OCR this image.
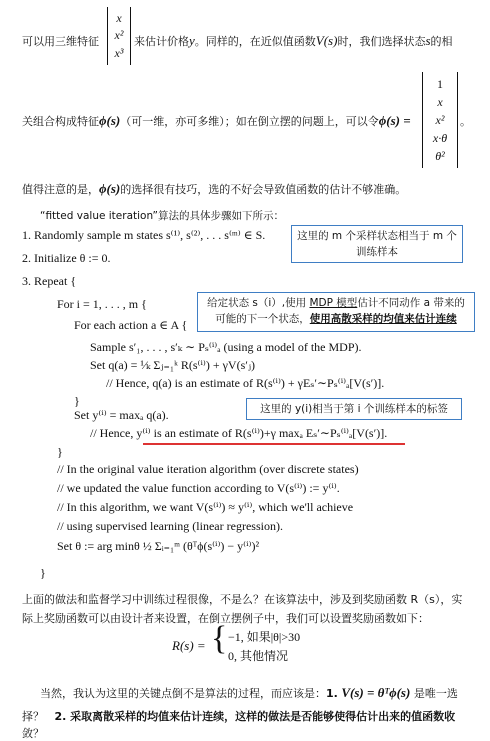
可以用三维特征
x
x²
x³
来估计价格y。同样的，在近似值函数V(s)时，我们选择状态s的相
关组合构成特征ϕ(s)（可一维，亦可多维）；如在倒立摆的问题上，可以令ϕ(s) =
1
x
x²
x·θ
θ²
。
值得注意的是，ϕ(s)的选择很有技巧，选的不好会导致值函数的估计不够准确。
“fitted value iteration”算法的具体步骤如下所示：
1. Randomly sample m states s⁽¹⁾, s⁽²⁾, . . . s⁽ᵐ⁾ ∈ S.
2. Initialize θ := 0.
3. Repeat {
For i = 1, . . . , m {
For each action a ∈ A {
Sample s′₁, . . . , s′ₖ ∼ Pₛ⁽ⁱ⁾ₐ (using a model of the MDP).
Set q(a) = ¹⁄ₖ Σⱼ₌₁ᵏ R(s⁽ⁱ⁾) + γV(s′ⱼ)
// Hence, q(a) is an estimate of R(s⁽ⁱ⁾) + γEₛ′∼Pₛ⁽ⁱ⁾ₐ[V(s′)].
}
Set y⁽ⁱ⁾ = maxₐ q(a).
// Hence, y⁽ⁱ⁾ is an estimate of R(s⁽ⁱ⁾)+γ maxₐ Eₛ′∼Pₛ⁽ⁱ⁾ₐ[V(s′)].
}
// In the original value iteration algorithm (over discrete states)
// we updated the value function according to V(s⁽ⁱ⁾) := y⁽ⁱ⁾.
// In this algorithm, we want V(s⁽ⁱ⁾) ≈ y⁽ⁱ⁾, which we'll achieve
// using supervised learning (linear regression).
Set θ := arg minθ ½ Σᵢ₌₁ᵐ (θᵀϕ(s⁽ⁱ⁾) − y⁽ⁱ⁾)²
}
这里的 m 个采样状态相当于 m 个训练样本
给定状态 s（i）,使用 MDP 模型估计不同动作 a 带来的可能的下一个状态，使用高散采样的均值来估计连续
这里的 y(i)相当于第 i 个训练样本的标签
上面的做法和监督学习中训练过程很像，不是么？在该算法中，涉及到奖励函数 R（s），实
际上奖励函数可以由设计者来设置，在倒立摆例子中，我们可以设置奖励函数如下：
R(s) = { −1, 如果|θ|>30
0, 其他情况
当然，我认为这里的关键点倒不是算法的过程，而应该是：1. V(s) = θᵀϕ(s) 是唯一选
择？ 2. 采取离散采样的均值来估计连续，这样的做法是否能够使得估计出来的值函数收
敛？
